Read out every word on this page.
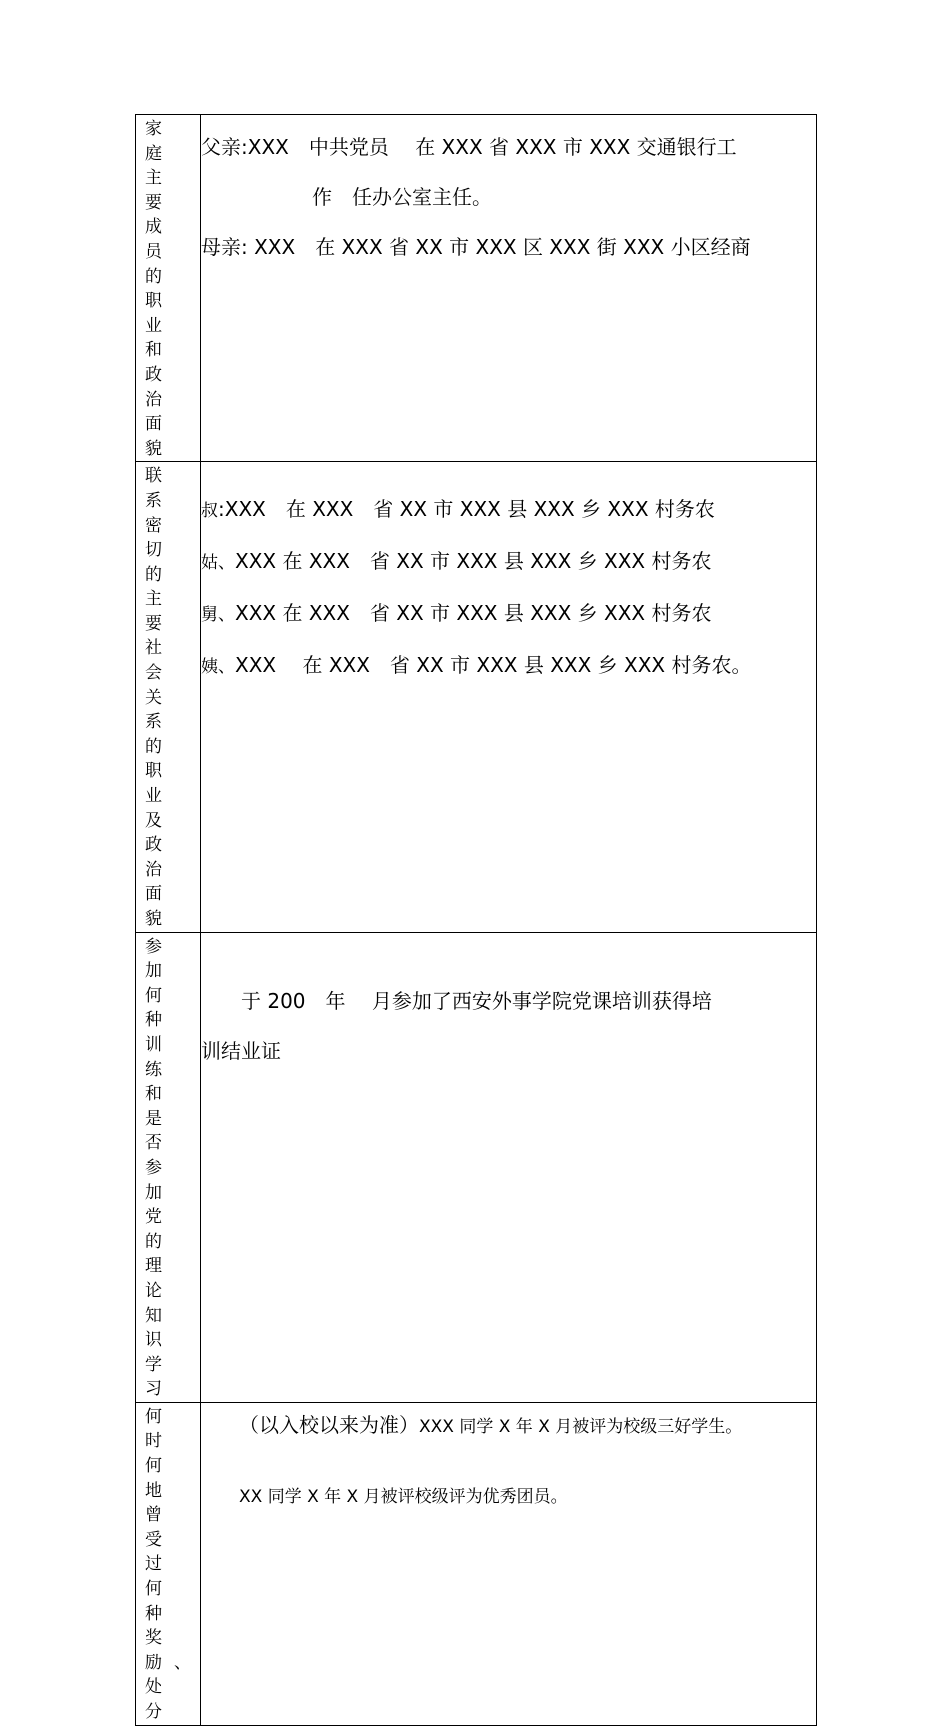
家庭主要成员的职业和政治面貌	父亲:XXX　中共党员　 在 XXX 省 XXX 市 XXX 交通银行工
作　任办公室主任。
母亲: XXX　在 XXX 省 XX 市 XXX 区 XXX 街 XXX 小区经商

联系密切的主要社会关系的职业及政治面貌	叔:XXX　在 XXX　省 XX 市 XXX 县 XXX 乡 XXX 村务农
姑、XXX 在 XXX　省 XX 市 XXX 县 XXX 乡 XXX 村务农
舅、XXX 在 XXX　省 XX 市 XXX 县 XXX 乡 XXX 村务农
姨、XXX　 在 XXX　省 XX 市 XXX 县 XXX 乡 XXX 村务农。

参加何种训练和是否参加党的理论知识学习	　　于 200　年　 月参加了西安外事学院党课培训获得培
训结业证

何时何地曾受过何种奖励、处分	（以入校以来为准）XXX 同学 X 年 X 月被评为校级三好学生。
XX 同学 X 年 X 月被评校级评为优秀团员。
